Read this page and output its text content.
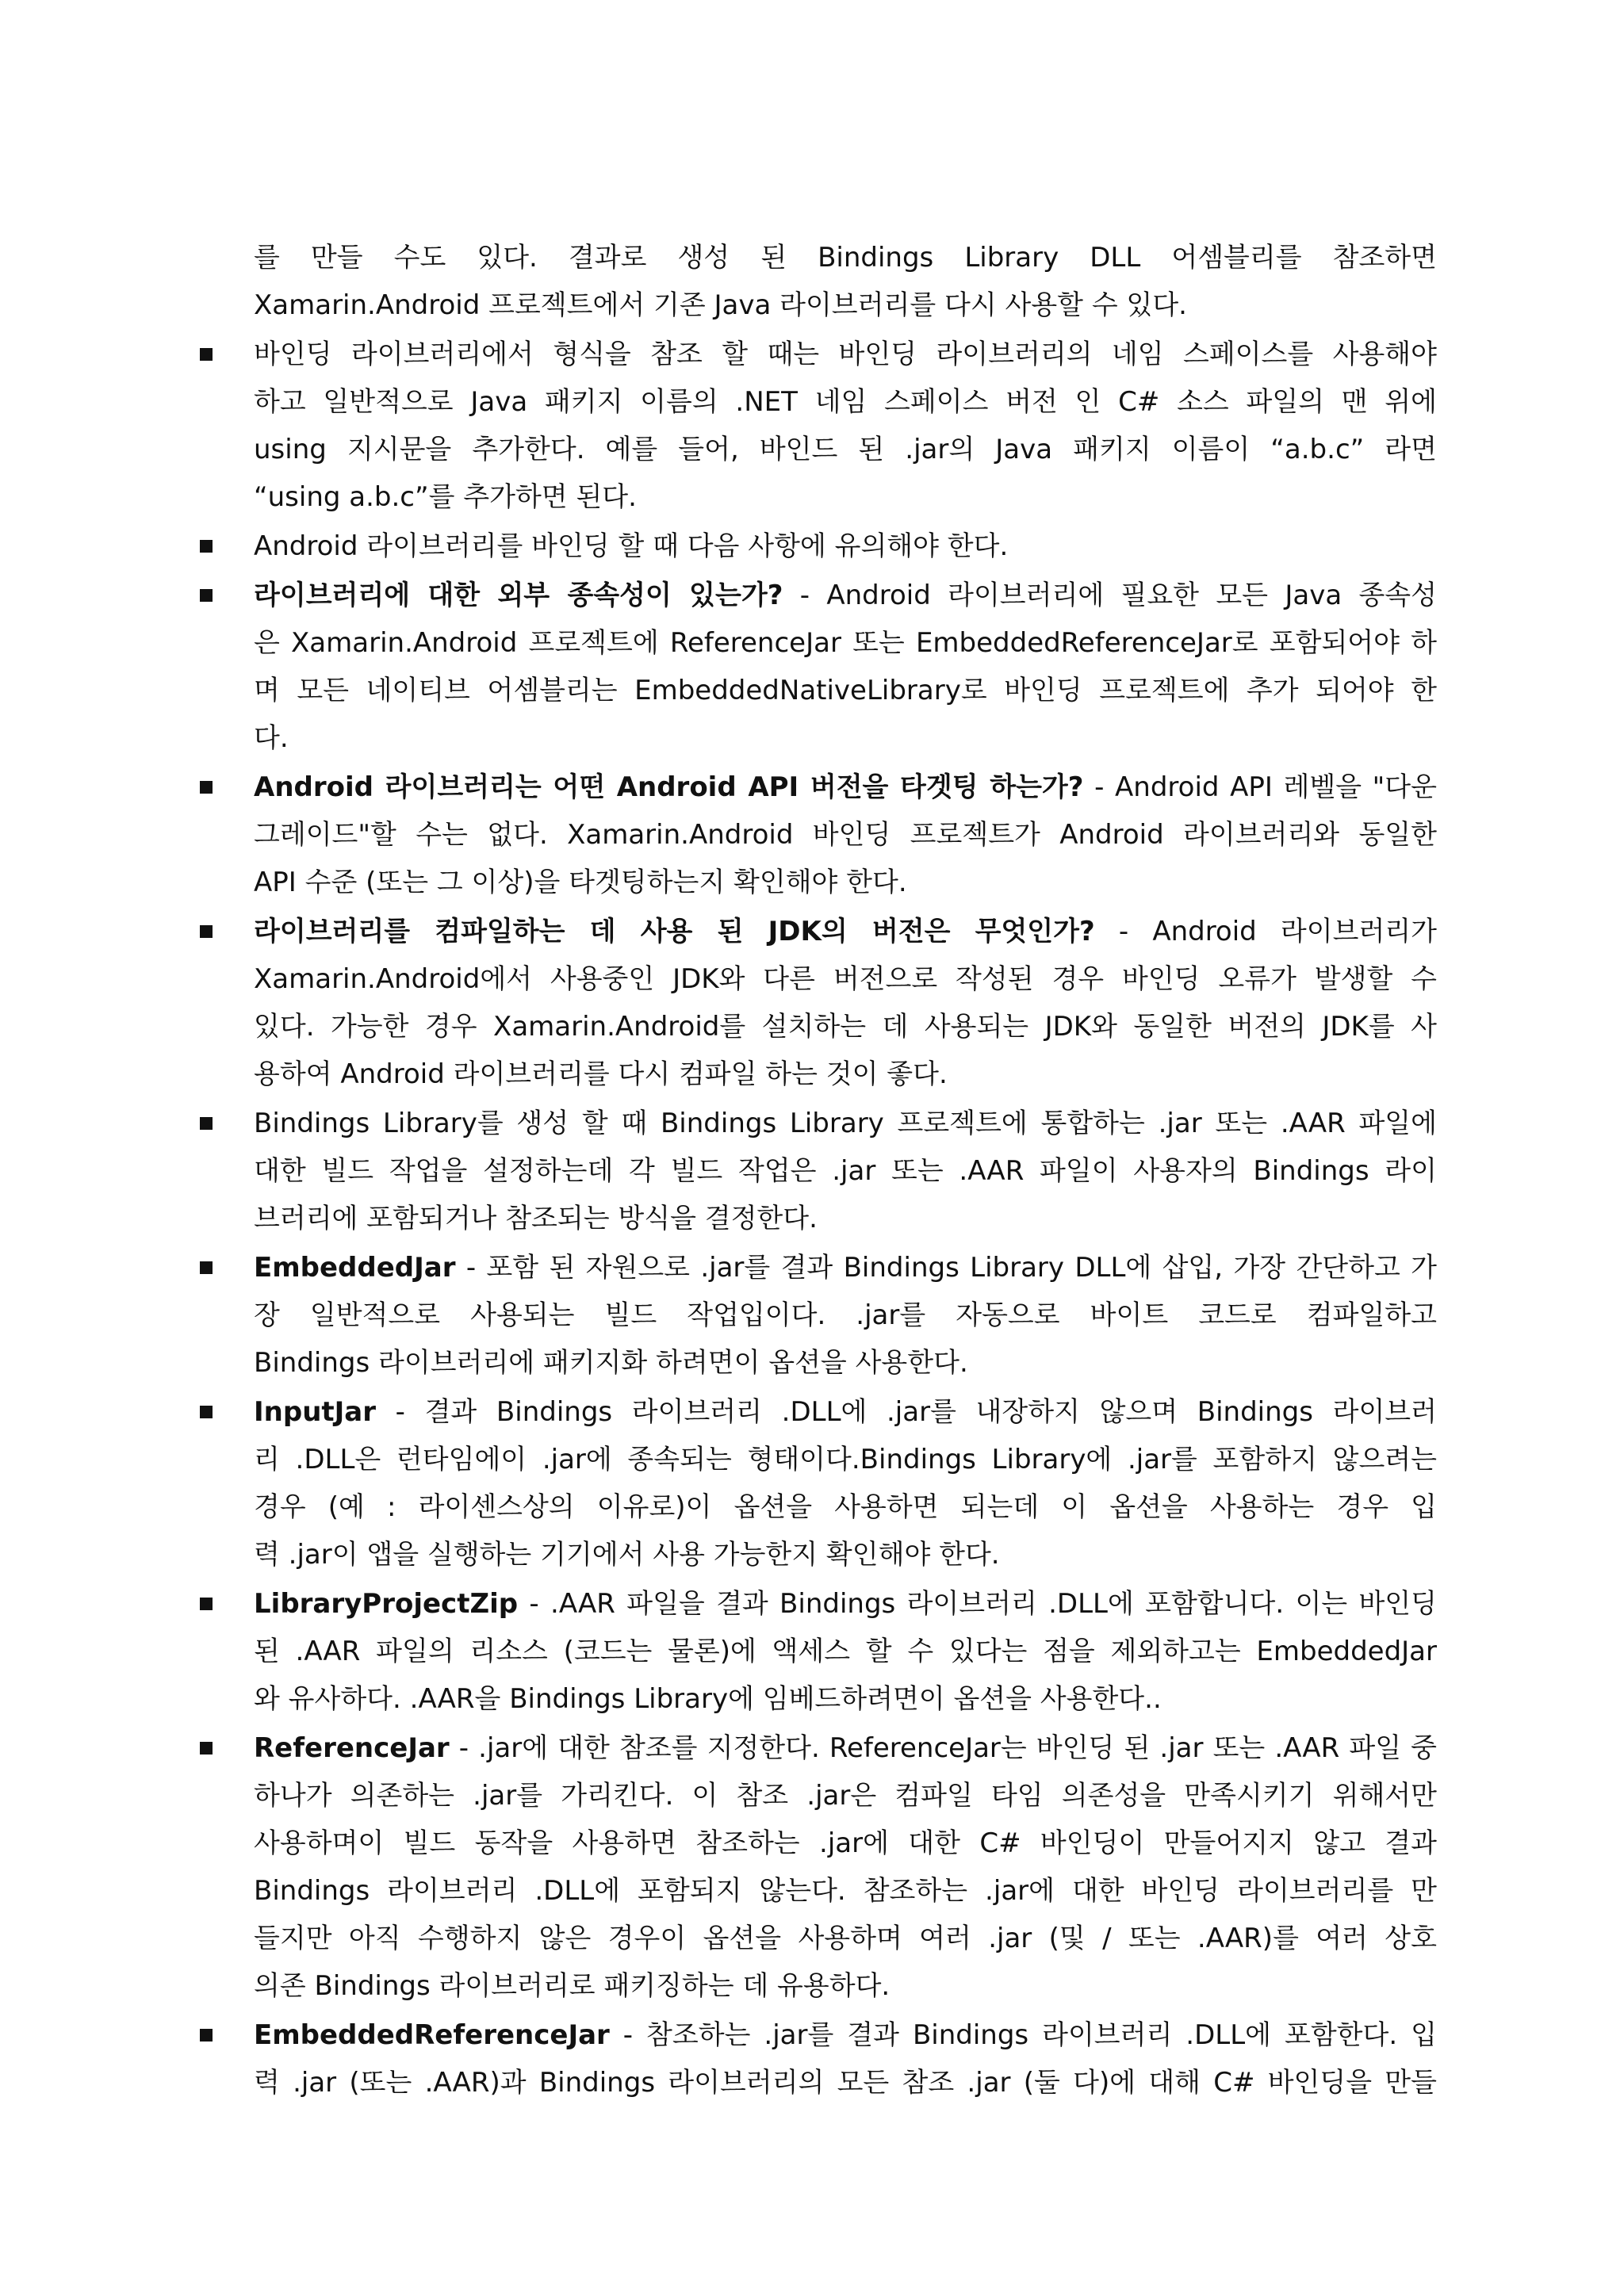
를 만들 수도 있다. 결과로 생성 된 Bindings Library DLL 어셈블리를 참조하면
Xamarin.Android 프로젝트에서 기존 Java 라이브러리를 다시 사용할 수 있다.
바인딩 라이브러리에서 형식을 참조 할 때는 바인딩 라이브러리의 네임 스페이스를 사용해야
하고 일반적으로 Java 패키지 이름의 .NET 네임 스페이스 버전 인 C# 소스 파일의 맨 위에
using 지시문을 추가한다. 예를 들어, 바인드 된 .jar의 Java 패키지 이름이 “a.b.c” 라면
“using a.b.c”를 추가하면 된다.
Android 라이브러리를 바인딩 할 때 다음 사항에 유의해야 한다.
라이브러리에 대한 외부 종속성이 있는가? - Android 라이브러리에 필요한 모든 Java 종속성
은 Xamarin.Android 프로젝트에 ReferenceJar 또는 EmbeddedReferenceJar로 포함되어야 하
며 모든 네이티브 어셈블리는 EmbeddedNativeLibrary로 바인딩 프로젝트에 추가 되어야 한
다.
Android 라이브러리는 어떤 Android API 버전을 타겟팅 하는가? - Android API 레벨을 "다운
그레이드"할 수는 없다. Xamarin.Android 바인딩 프로젝트가 Android 라이브러리와 동일한
API 수준 (또는 그 이상)을 타겟팅하는지 확인해야 한다.
라이브러리를 컴파일하는 데 사용 된 JDK의 버전은 무엇인가? - Android 라이브러리가
Xamarin.Android에서 사용중인 JDK와 다른 버전으로 작성된 경우 바인딩 오류가 발생할 수
있다. 가능한 경우 Xamarin.Android를 설치하는 데 사용되는 JDK와 동일한 버전의 JDK를 사
용하여 Android 라이브러리를 다시 컴파일 하는 것이 좋다.
Bindings Library를 생성 할 때 Bindings Library 프로젝트에 통합하는 .jar 또는 .AAR 파일에
대한 빌드 작업을 설정하는데 각 빌드 작업은 .jar 또는 .AAR 파일이 사용자의 Bindings 라이
브러리에 포함되거나 참조되는 방식을 결정한다.
EmbeddedJar - 포함 된 자원으로 .jar를 결과 Bindings Library DLL에 삽입, 가장 간단하고 가
장 일반적으로 사용되는 빌드 작업입이다. .jar를 자동으로 바이트 코드로 컴파일하고
Bindings 라이브러리에 패키지화 하려면이 옵션을 사용한다.
InputJar - 결과 Bindings 라이브러리 .DLL에 .jar를 내장하지 않으며 Bindings 라이브러
리 .DLL은 런타임에이 .jar에 종속되는 형태이다.Bindings Library에 .jar를 포함하지 않으려는
경우 (예 : 라이센스상의 이유로)이 옵션을 사용하면 되는데 이 옵션을 사용하는 경우 입
력 .jar이 앱을 실행하는 기기에서 사용 가능한지 확인해야 한다.
LibraryProjectZip - .AAR 파일을 결과 Bindings 라이브러리 .DLL에 포함합니다. 이는 바인딩
된 .AAR 파일의 리소스 (코드는 물론)에 액세스 할 수 있다는 점을 제외하고는 EmbeddedJar
와 유사하다. .AAR을 Bindings Library에 임베드하려면이 옵션을 사용한다..
ReferenceJar - .jar에 대한 참조를 지정한다. ReferenceJar는 바인딩 된 .jar 또는 .AAR 파일 중
하나가 의존하는 .jar를 가리킨다. 이 참조 .jar은 컴파일 타임 의존성을 만족시키기 위해서만
사용하며이 빌드 동작을 사용하면 참조하는 .jar에 대한 C# 바인딩이 만들어지지 않고 결과
Bindings 라이브러리 .DLL에 포함되지 않는다. 참조하는 .jar에 대한 바인딩 라이브러리를 만
들지만 아직 수행하지 않은 경우이 옵션을 사용하며 여러 .jar (및 / 또는 .AAR)를 여러 상호
의존 Bindings 라이브러리로 패키징하는 데 유용하다.
EmbeddedReferenceJar - 참조하는 .jar를 결과 Bindings 라이브러리 .DLL에 포함한다. 입
력 .jar (또는 .AAR)과 Bindings 라이브러리의 모든 참조 .jar (둘 다)에 대해 C# 바인딩을 만들
